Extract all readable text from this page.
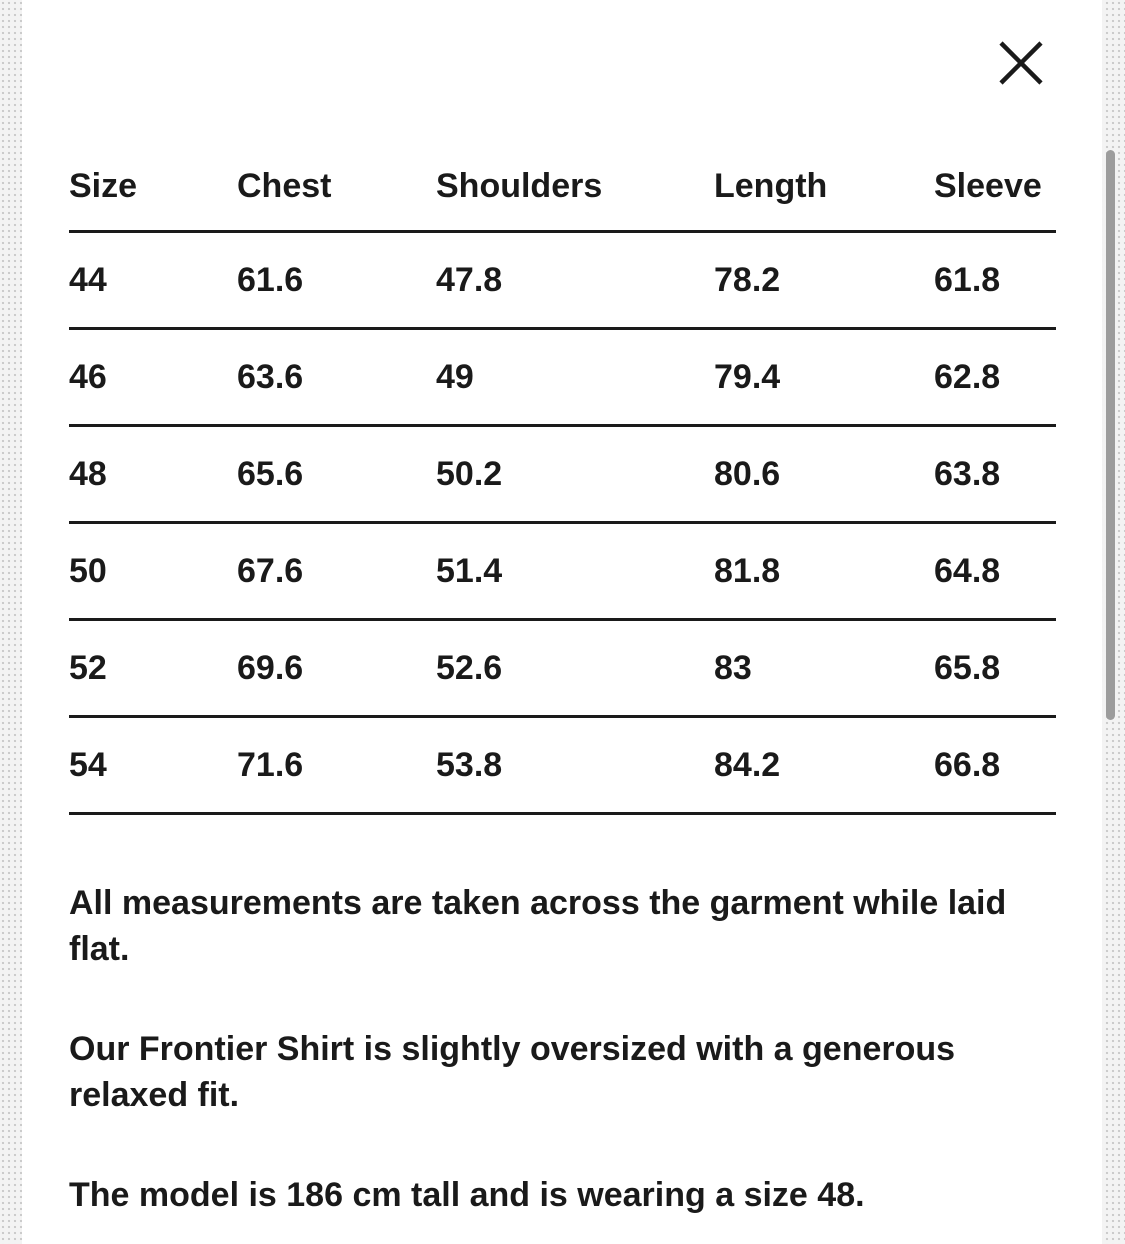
Size	Chest	Shoulders	Length	Sleeve
44	61.6	47.8	78.2	61.8
46	63.6	49	79.4	62.8
48	65.6	50.2	80.6	63.8
50	67.6	51.4	81.8	64.8
52	69.6	52.6	83	65.8
54	71.6	53.8	84.2	66.8

All measurements are taken across the garment while laid flat.

Our Frontier Shirt is slightly oversized with a generous relaxed fit.

The model is 186 cm tall and is wearing a size 48.
